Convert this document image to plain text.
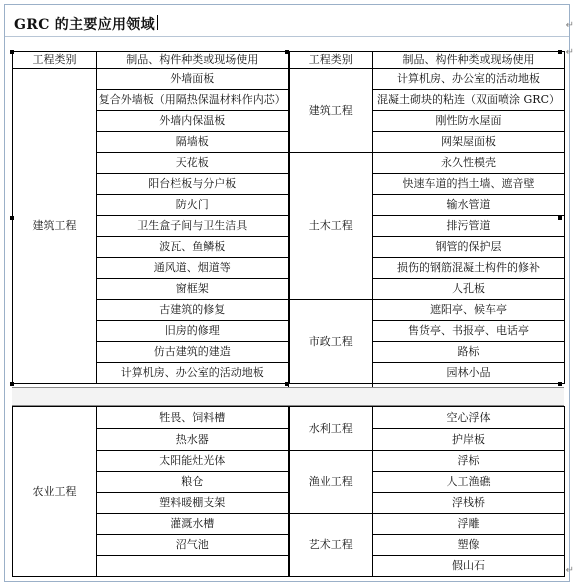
GRC 的主要应用领域	↵
↵
↵
工程类别	制品、构件种类或现场使用		工程类别	制品、构件种类或现场使用
建筑工程	外墙面板		建筑工程	计算机房、办公室的活动地板
	复合外墙板（用隔热保温材料作内芯）		混凝土砌块的粘连（双面喷涂 GRC）
	外墙内保温板		刚性防水屋面
	隔墙板		网架屋面板
	天花板	土木工程	永久性模壳
	阳台栏板与分户板		快速车道的挡土墙、遮音壁
	防火门		输水管道
	卫生盒子间与卫生洁具		排污管道
	波瓦、鱼鳞板		钢管的保护层
	通风道、烟道等		损伤的钢筋混凝土构件的修补
	窗框架		人孔板
	古建筑的修复	市政工程	遮阳亭、候车亭
	旧房的修理		售货亭、书报亭、电话亭
	仿古建筑的建造		路标
	计算机房、办公室的活动地板		园林小品

农业工程	牲畏、饲料槽		水利工程	空心浮体
	热水器		护岸板
	太阳能灶光体	渔业工程	浮标
	粮仓		人工渔礁
	塑料暖棚支架		浮栈桥
	灌溉水槽	艺术工程	浮雕
	沼气池		塑像
			假山石
